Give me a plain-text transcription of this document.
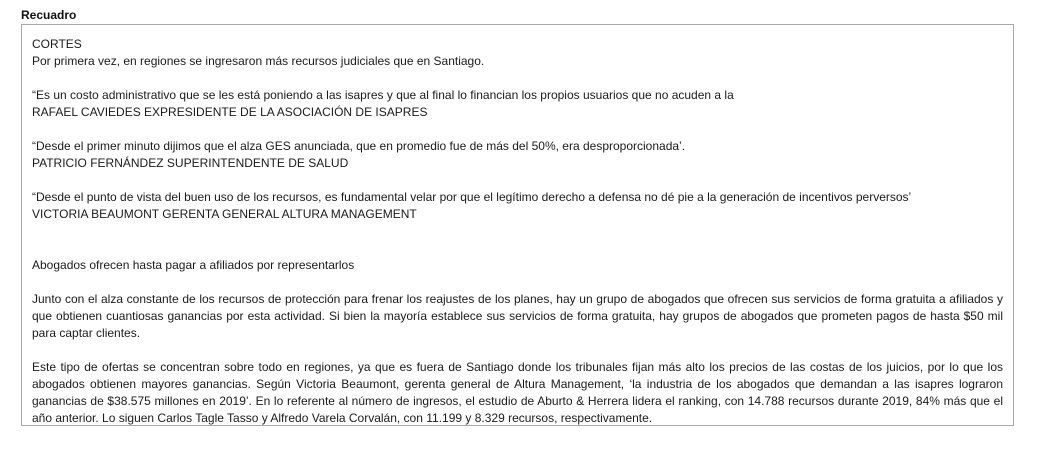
Recuadro

CORTES

Por primera vez, en regiones se ingresaron más recursos judiciales que en Santiago.

“Es un costo administrativo que se les está poniendo a las isapres y que al final lo financian los propios usuarios que no acuden a la

RAFAEL CAVIEDES EXPRESIDENTE DE LA ASOCIACIÓN DE ISAPRES

“Desde el primer minuto dijimos que el alza GES anunciada, que en promedio fue de más del 50%, era desproporcionada’.

PATRICIO FERNÁNDEZ SUPERINTENDENTE DE SALUD

“Desde el punto de vista del buen uso de los recursos, es fundamental velar por que el legítimo derecho a defensa no dé pie a la generación de incentivos perversos’

VICTORIA BEAUMONT GERENTA GENERAL ALTURA MANAGEMENT

Abogados ofrecen hasta pagar a afiliados por representarlos

Junto con el alza constante de los recursos de protección para frenar los reajustes de los planes, hay un grupo de abogados que ofrecen sus servicios de forma gratuita a afiliados y que obtienen cuantiosas ganancias por esta actividad. Si bien la mayoría establece sus servicios de forma gratuita, hay grupos de abogados que prometen pagos de hasta $50 mil para captar clientes.

Este tipo de ofertas se concentran sobre todo en regiones, ya que es fuera de Santiago donde los tribunales fijan más alto los precios de las costas de los juicios, por lo que los abogados obtienen mayores ganancias. Según Victoria Beaumont, gerenta general de Altura Management, ‘la industria de los abogados que demandan a las isapres lograron ganancias de $38.575 millones en 2019’. En lo referente al número de ingresos, el estudio de Aburto & Herrera lidera el ranking, con 14.788 recursos durante 2019, 84% más que el año anterior. Lo siguen Carlos Tagle Tasso y Alfredo Varela Corvalán, con 11.199 y 8.329 recursos, respectivamente.
